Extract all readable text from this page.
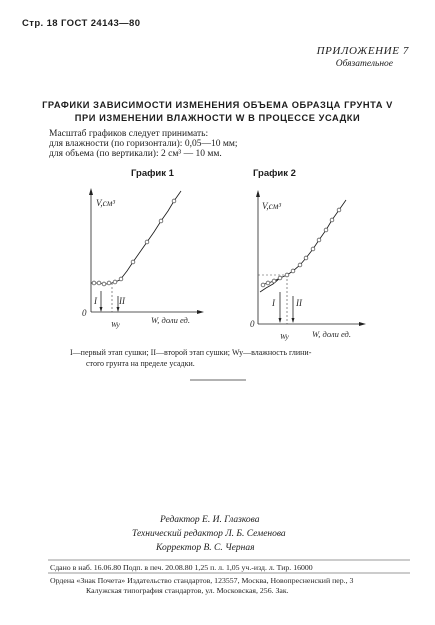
Стр. 18 ГОСТ 24143—80
ПРИЛОЖЕНИЕ 7
Обязательное
ГРАФИКИ ЗАВИСИМОСТИ ИЗМЕНЕНИЯ ОБЪЕМА ОБРАЗЦА ГРУНТА V
ПРИ ИЗМЕНЕНИИ ВЛАЖНОСТИ W В ПРОЦЕССЕ УСАДКИ
Масштаб графиков следует принимать:
для влажности (по горизонтали): 0,05—10 мм;
для объема (по вертикали): 2 см³ — 10 мм.
График 1	График 2
V,см³
0
W, доли ед.
Wy
I II
V,см³
0
W, доли ед.
Wy
I II
I—первый этап сушки; II—второй этап сушки; Wy—влажность глини-
стого грунта на пределе усадки.
Редактор Е. И. Глазкова
Технический редактор Л. Б. Семенова
Корректор В. С. Черная
Сдано в наб. 16.06.80 Подп. в печ. 20.08.80 1,25 п. л. 1,05 уч.-изд. л. Тир. 16000
Ордена «Знак Почета» Издательство стандартов, 123557, Москва, Новопресненский пер., 3
Калужская типография стандартов, ул. Московская, 256. Зак.
